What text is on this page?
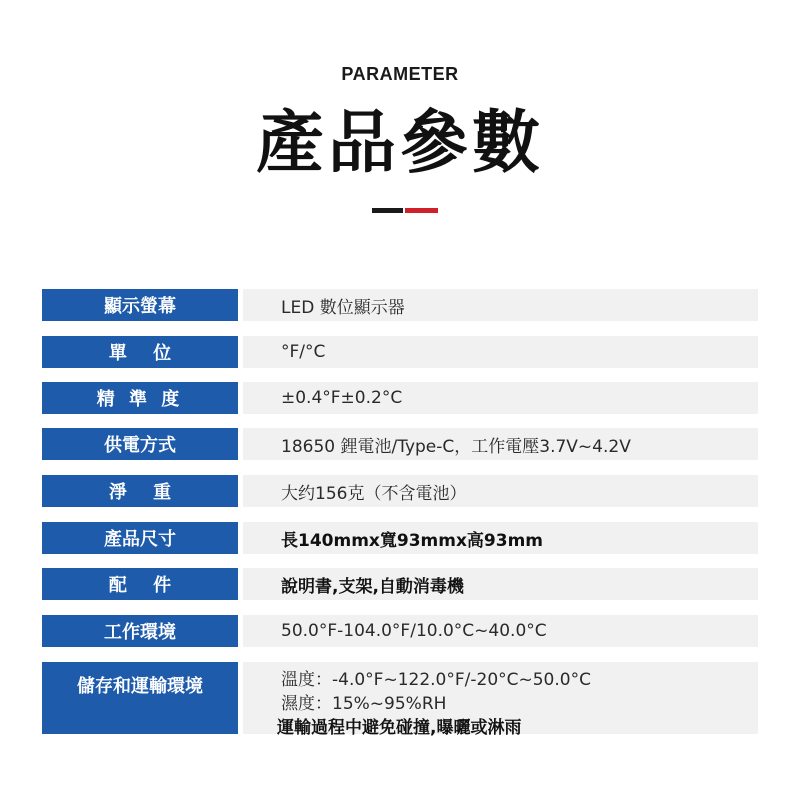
PARAMETER
產品參數
顯示螢幕	LED 數位顯示器
單 位	°F/°C
精 準 度	±0.4°F±0.2°C
供電方式	18650 鋰電池/Type-C，工作電壓3.7V~4.2V
淨 重	大约156克（不含電池）
產品尺寸	長140mmx寬93mmx高93mm
配 件	說明書,支架,自動消毒機
工作環境	50.0°F-104.0°F/10.0°C~40.0°C
儲存和運輸環境	溫度：-4.0°F~122.0°F/-20°C~50.0°C
濕度：15%~95%RH
運輸過程中避免碰撞,曝曬或淋雨
